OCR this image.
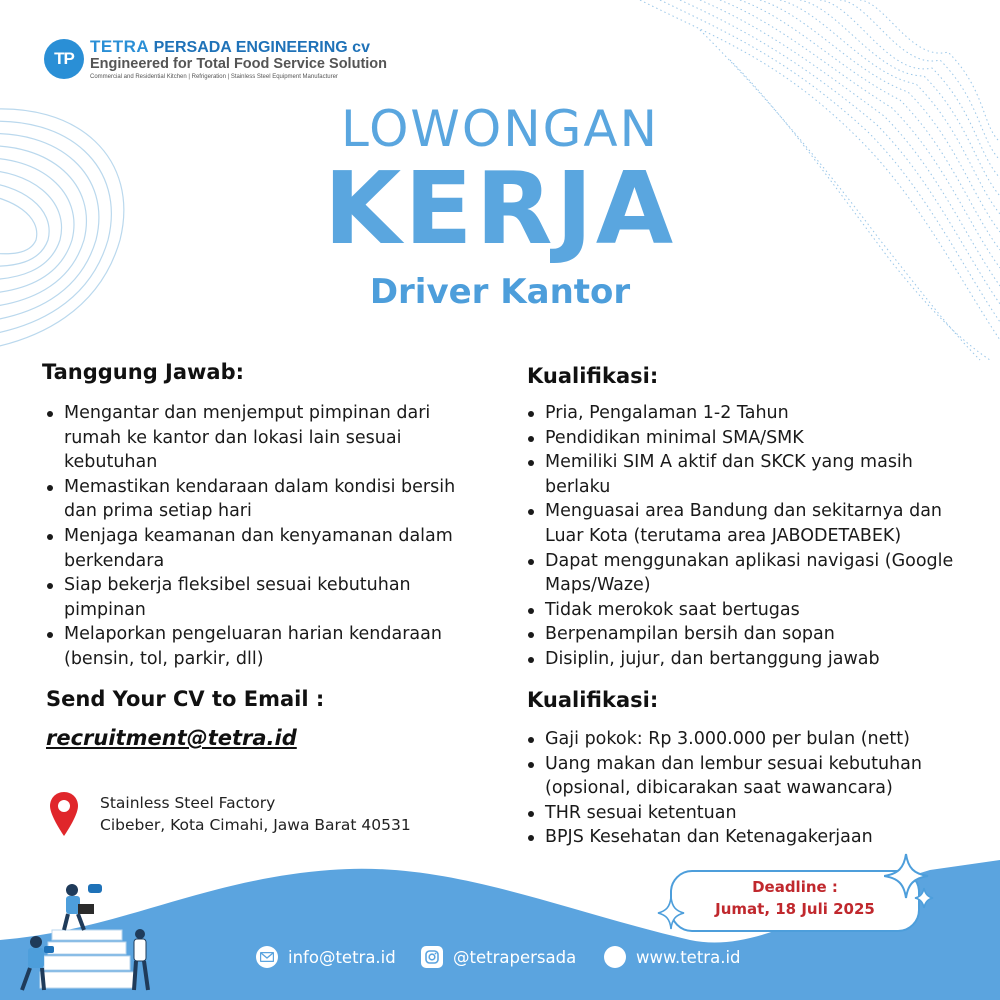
TP
TETRA PERSADA ENGINEERING cv
Engineered for Total Food Service Solution
Commercial and Residential Kitchen | Refrigeration | Stainless Steel Equipment Manufacturer
LOWONGAN
KERJA
Driver Kantor
Tanggung Jawab:
Mengantar dan menjemput pimpinan dari rumah ke kantor dan lokasi lain sesuai kebutuhan
Memastikan kendaraan dalam kondisi bersih dan prima setiap hari
Menjaga keamanan dan kenyamanan dalam berkendara
Siap bekerja fleksibel sesuai kebutuhan pimpinan
Melaporkan pengeluaran harian kendaraan (bensin, tol, parkir, dll)
Send Your CV to Email :
recruitment@tetra.id
Stainless Steel Factory
Cibeber, Kota Cimahi, Jawa Barat 40531
Kualifikasi:
Pria, Pengalaman 1-2 Tahun
Pendidikan minimal SMA/SMK
Memiliki SIM A aktif dan SKCK yang masih berlaku
Menguasai area Bandung dan sekitarnya dan Luar Kota (terutama area JABODETABEK)
Dapat menggunakan aplikasi navigasi (Google Maps/Waze)
Tidak merokok saat bertugas
Berpenampilan bersih dan sopan
Disiplin, jujur, dan bertanggung jawab
Kualifikasi:
Gaji pokok: Rp 3.000.000 per bulan (nett)
Uang makan dan lembur sesuai kebutuhan (opsional, dibicarakan saat wawancara)
THR sesuai ketentuan
BPJS Kesehatan dan Ketenagakerjaan
Deadline :
Jumat, 18 Juli 2025
info@tetra.id	@tetrapersada	www.tetra.id
